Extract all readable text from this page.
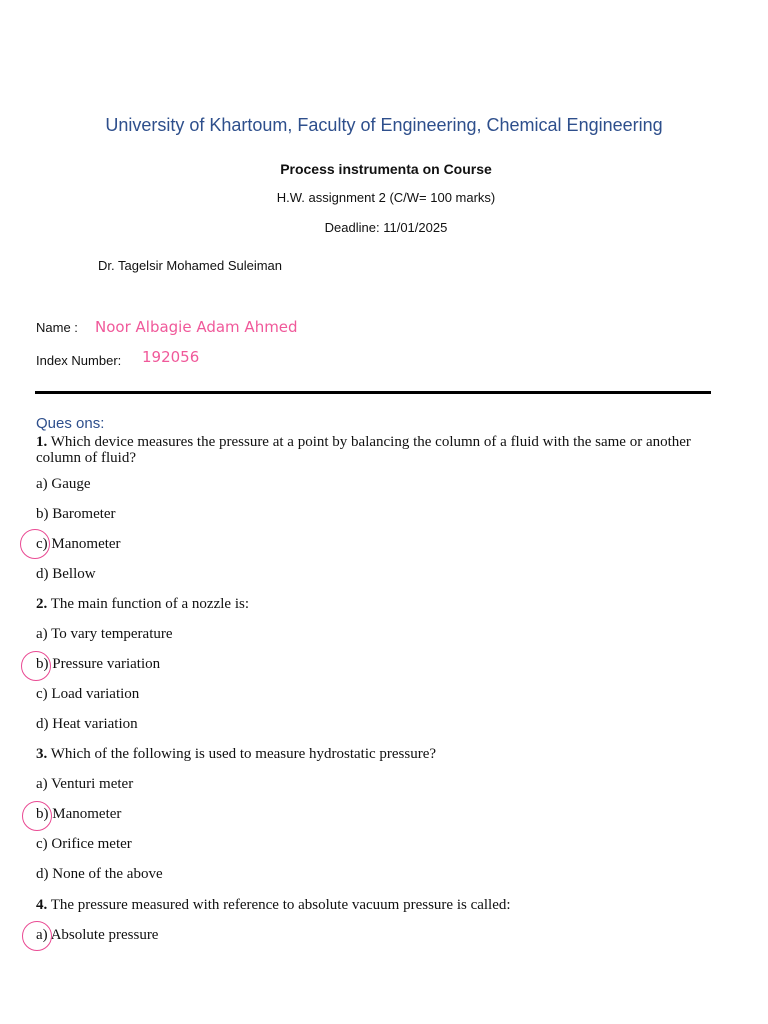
University of Khartoum, Faculty of Engineering, Chemical Engineering
Process instrumenta on Course
H.W. assignment 2 (C/W= 100 marks)
Deadline: 11/01/2025
Dr. Tagelsir Mohamed Suleiman
Name : Noor Albagie Adam Ahmed
Index Number: 192056
Ques ons:
1. Which device measures the pressure at a point by balancing the column of a fluid with the same or another column of fluid?
a) Gauge
b) Barometer
c) Manometer
d) Bellow
2. The main function of a nozzle is:
a) To vary temperature
b) Pressure variation
c) Load variation
d) Heat variation
3. Which of the following is used to measure hydrostatic pressure?
a) Venturi meter
b) Manometer
c) Orifice meter
d) None of the above
4. The pressure measured with reference to absolute vacuum pressure is called:
a) Absolute pressure
